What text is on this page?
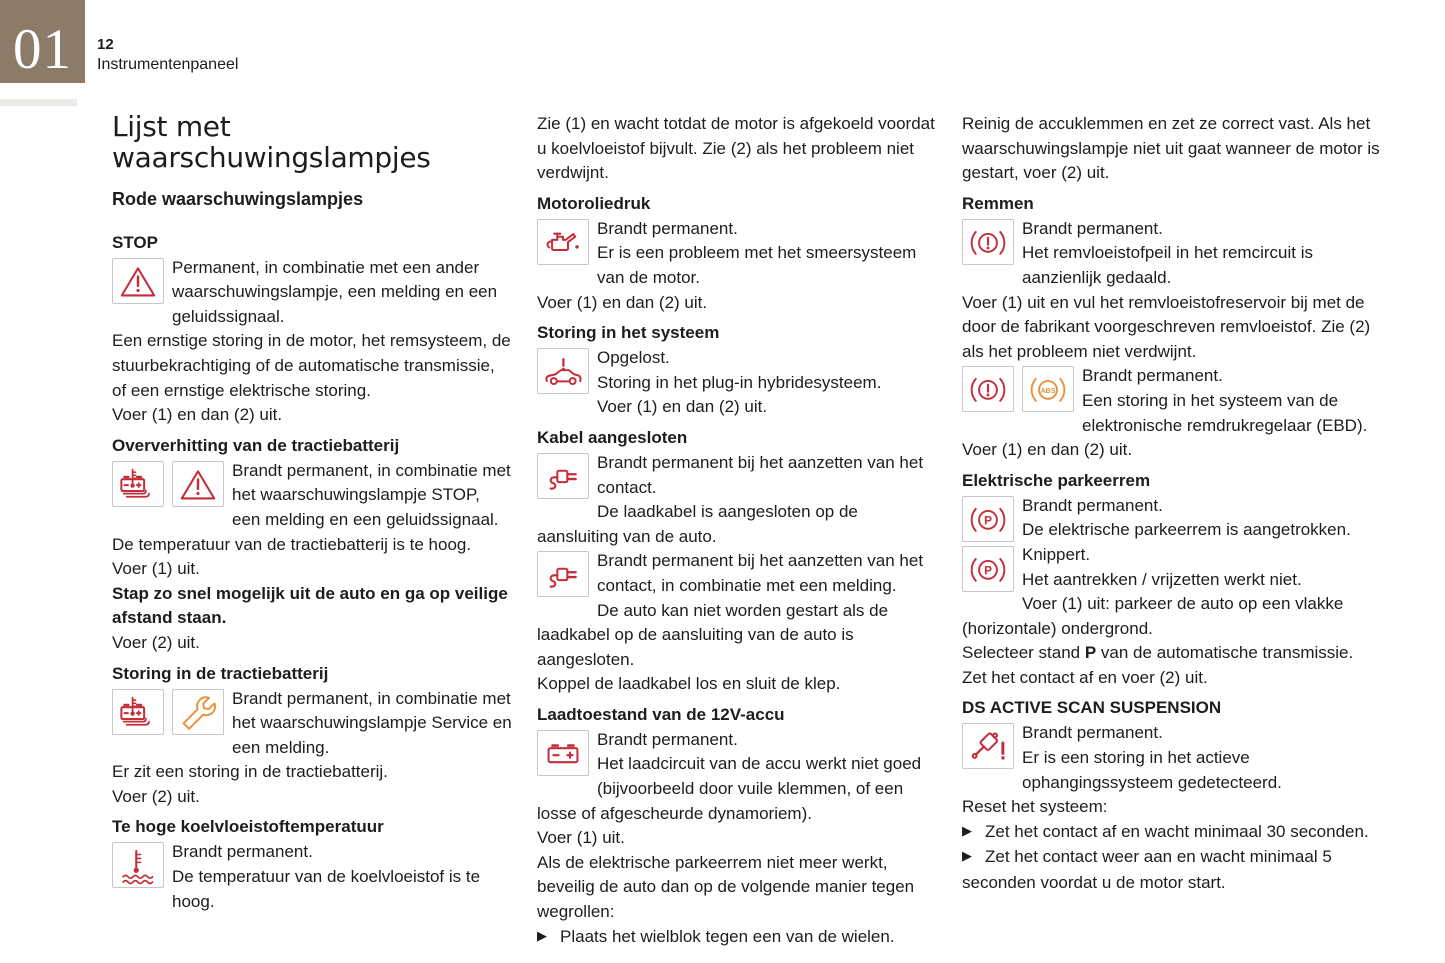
01 12
Instrumentenpaneel
Lijst met waarschuwingslampjes
Rode waarschuwingslampjes
STOP

Permanent, in combinatie met een ander waarschuwingslampje, een melding en een geluidssignaal.

Een ernstige storing in de motor, het remsysteem, de stuurbekrachtiging of de automatische transmissie, of een ernstige elektrische storing.

Voer (1) en dan (2) uit.

Oververhitting van de tractiebatterij

Brandt permanent, in combinatie met het waarschuwingslampje STOP, een melding en een geluidssignaal.

De temperatuur van de tractiebatterij is te hoog.

Voer (1) uit.

Stap zo snel mogelijk uit de auto en ga op veilige afstand staan.

Voer (2) uit.

Storing in de tractiebatterij

Brandt permanent, in combinatie met het waarschuwingslampje Service en een melding.

Er zit een storing in de tractiebatterij.

Voer (2) uit.

Te hoge koelvloeistoftemperatuur

Brandt permanent.
De temperatuur van de koelvloeistof is te hoog.

Zie (1) en wacht totdat de motor is afgekoeld voordat u koelvloeistof bijvult. Zie (2) als het probleem niet verdwijnt.

Motoroliedruk

Brandt permanent.
Er is een probleem met het smeersysteem van de motor.

Voer (1) en dan (2) uit.

Storing in het systeem

Opgelost.
Storing in het plug-in hybridesysteem.

Voer (1) en dan (2) uit.

Kabel aangesloten

Brandt permanent bij het aanzetten van het contact.

De laadkabel is aangesloten op de aansluiting van de auto.

Brandt permanent bij het aanzetten van het contact, in combinatie met een melding.

De auto kan niet worden gestart als de laadkabel op de aansluiting van de auto is aangesloten.

Koppel de laadkabel los en sluit de klep.

Laadtoestand van de 12V-accu

Brandt permanent.
Het laadcircuit van de accu werkt niet goed (bijvoorbeeld door vuile klemmen, of een losse of afgescheurde dynamoriem).

Voer (1) uit.

Als de elektrische parkeerrem niet meer werkt, beveilig de auto dan op de volgende manier tegen wegrollen:

▶ Plaats het wielblok tegen een van de wielen.

Reinig de accuklemmen en zet ze correct vast. Als het waarschuwingslampje niet uit gaat wanneer de motor is gestart, voer (2) uit.

Remmen

Brandt permanent.
Het remvloeistofpeil in het remcircuit is aanzienlijk gedaald.

Voer (1) uit en vul het remvloeistofreservoir bij met de door de fabrikant voorgeschreven remvloeistof. Zie (2) als het probleem niet verdwijnt.

ABS

Brandt permanent.
Een storing in het systeem van de elektronische remdrukregelaar (EBD).

Voer (1) en dan (2) uit.

Elektrische parkeerrem
P

Brandt permanent.
De elektrische parkeerrem is aangetrokken.

P

Knippert.
Het aantrekken / vrijzetten werkt niet.

Voer (1) uit: parkeer de auto op een vlakke (horizontale) ondergrond.

Selecteer stand P van de automatische transmissie.

Zet het contact af en voer (2) uit.

DS ACTIVE SCAN SUSPENSION

Brandt permanent.
Er is een storing in het actieve ophangingssysteem gedetecteerd.

Reset het systeem:

▶ Zet het contact af en wacht minimaal 30 seconden.

▶ Zet het contact weer aan en wacht minimaal 5 seconden voordat u de motor start.
